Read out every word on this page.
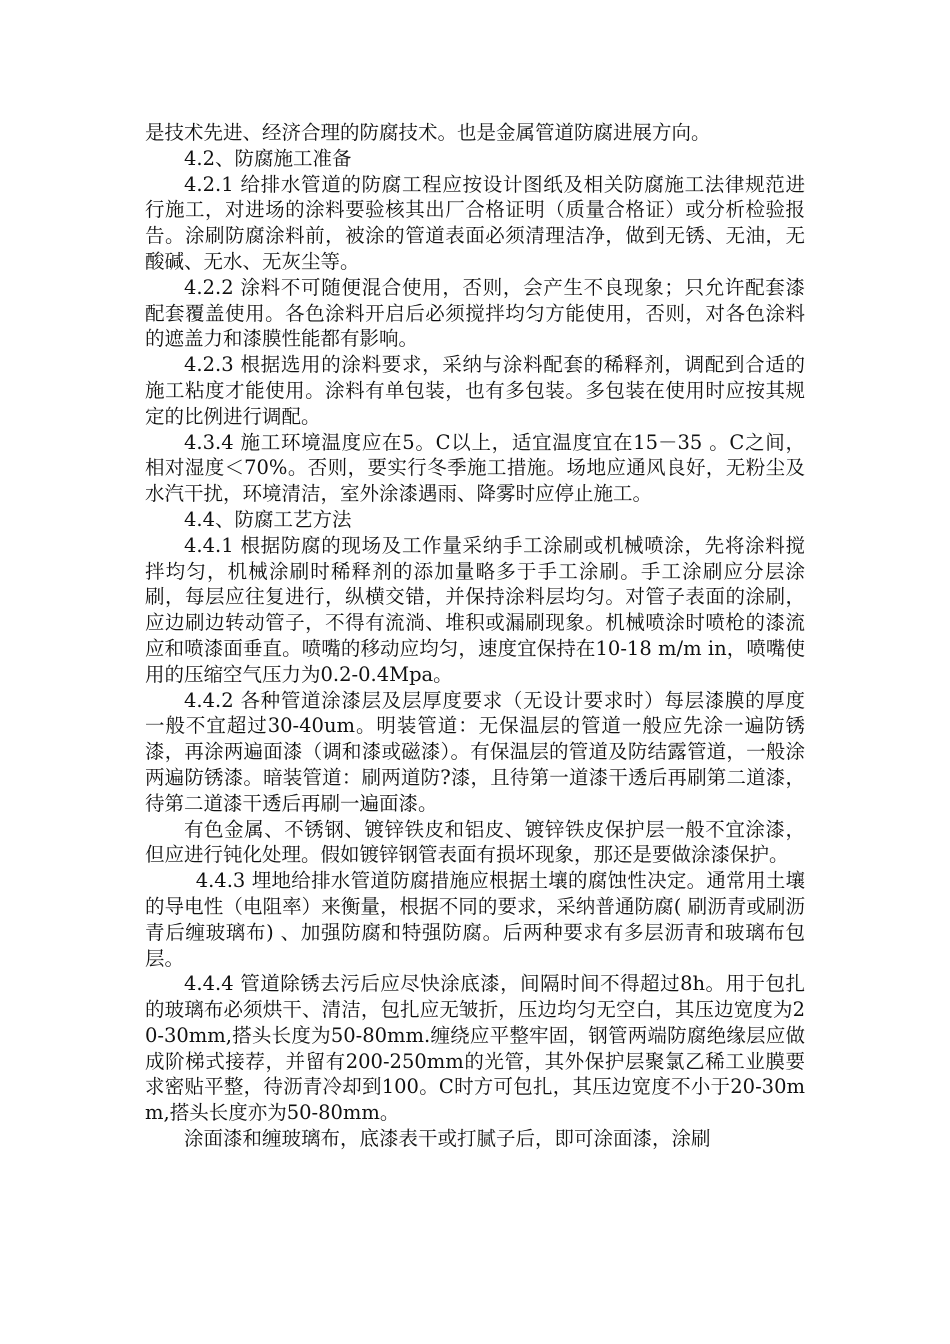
是技术先进、经济合理的防腐技术。也是金属管道防腐进展方向。

4.2、防腐施工准备

4.2.1 给排水管道的防腐工程应按设计图纸及相关防腐施工法律规范进行施工，对进场的涂料要验核其出厂合格证明（质量合格证）或分析检验报告。涂刷防腐涂料前，被涂的管道表面必须清理洁净，做到无锈、无油，无酸碱、无水、无灰尘等。

4.2.2 涂料不可随便混合使用，否则，会产生不良现象；只允许配套漆配套覆盖使用。各色涂料开启后必须搅拌均匀方能使用，否则，对各色涂料的遮盖力和漆膜性能都有影响。

4.2.3 根据选用的涂料要求，采纳与涂料配套的稀释剂，调配到合适的施工粘度才能使用。涂料有单包装，也有多包装。多包装在使用时应按其规定的比例进行调配。

4.3.4 施工环境温度应在5。C以上，适宜温度宜在15－35 。C之间，相对湿度＜70%。否则，要实行冬季施工措施。场地应通风良好，无粉尘及水汽干扰，环境清洁，室外涂漆遇雨、降雾时应停止施工。

4.4、防腐工艺方法

4.4.1 根据防腐的现场及工作量采纳手工涂刷或机械喷涂，先将涂料搅拌均匀，机械涂刷时稀释剂的添加量略多于手工涂刷。手工涂刷应分层涂刷，每层应往复进行，纵横交错，并保持涂料层均匀。对管子表面的涂刷，应边刷边转动管子，不得有流淌、堆积或漏刷现象。机械喷涂时喷枪的漆流应和喷漆面垂直。喷嘴的移动应均匀，速度宜保持在10-18 m/m in，喷嘴使用的压缩空气压力为0.2-0.4Mpa。

4.4.2 各种管道涂漆层及层厚度要求（无设计要求时）每层漆膜的厚度一般不宜超过30-40um。明装管道：无保温层的管道一般应先涂一遍防锈漆，再涂两遍面漆（调和漆或磁漆）。有保温层的管道及防结露管道，一般涂两遍防锈漆。暗装管道：刷两道防?漆，且待第一道漆干透后再刷第二道漆，待第二道漆干透后再刷一遍面漆。

有色金属、不锈钢、镀锌铁皮和铝皮、镀锌铁皮保护层一般不宜涂漆，但应进行钝化处理。假如镀锌钢管表面有损坏现象，那还是要做涂漆保护。

4.4.3 埋地给排水管道防腐措施应根据土壤的腐蚀性决定。通常用土壤的导电性（电阻率）来衡量，根据不同的要求，采纳普通防腐( 刷沥青或刷沥青后缠玻璃布) 、加强防腐和特强防腐。后两种要求有多层沥青和玻璃布包层。

4.4.4 管道除锈去污后应尽快涂底漆，间隔时间不得超过8h。用于包扎的玻璃布必须烘干、清洁，包扎应无皱折，压边均匀无空白，其压边宽度为20-30mm,搭头长度为50-80mm.缠绕应平整牢固，钢管两端防腐绝缘层应做成阶梯式接荐，并留有200-250mm的光管，其外保护层聚氯乙稀工业膜要求密贴平整，待沥青冷却到100。C时方可包扎，其压边宽度不小于20-30mm,搭头长度亦为50-80mm。

涂面漆和缠玻璃布，底漆表干或打腻子后，即可涂面漆，涂刷
